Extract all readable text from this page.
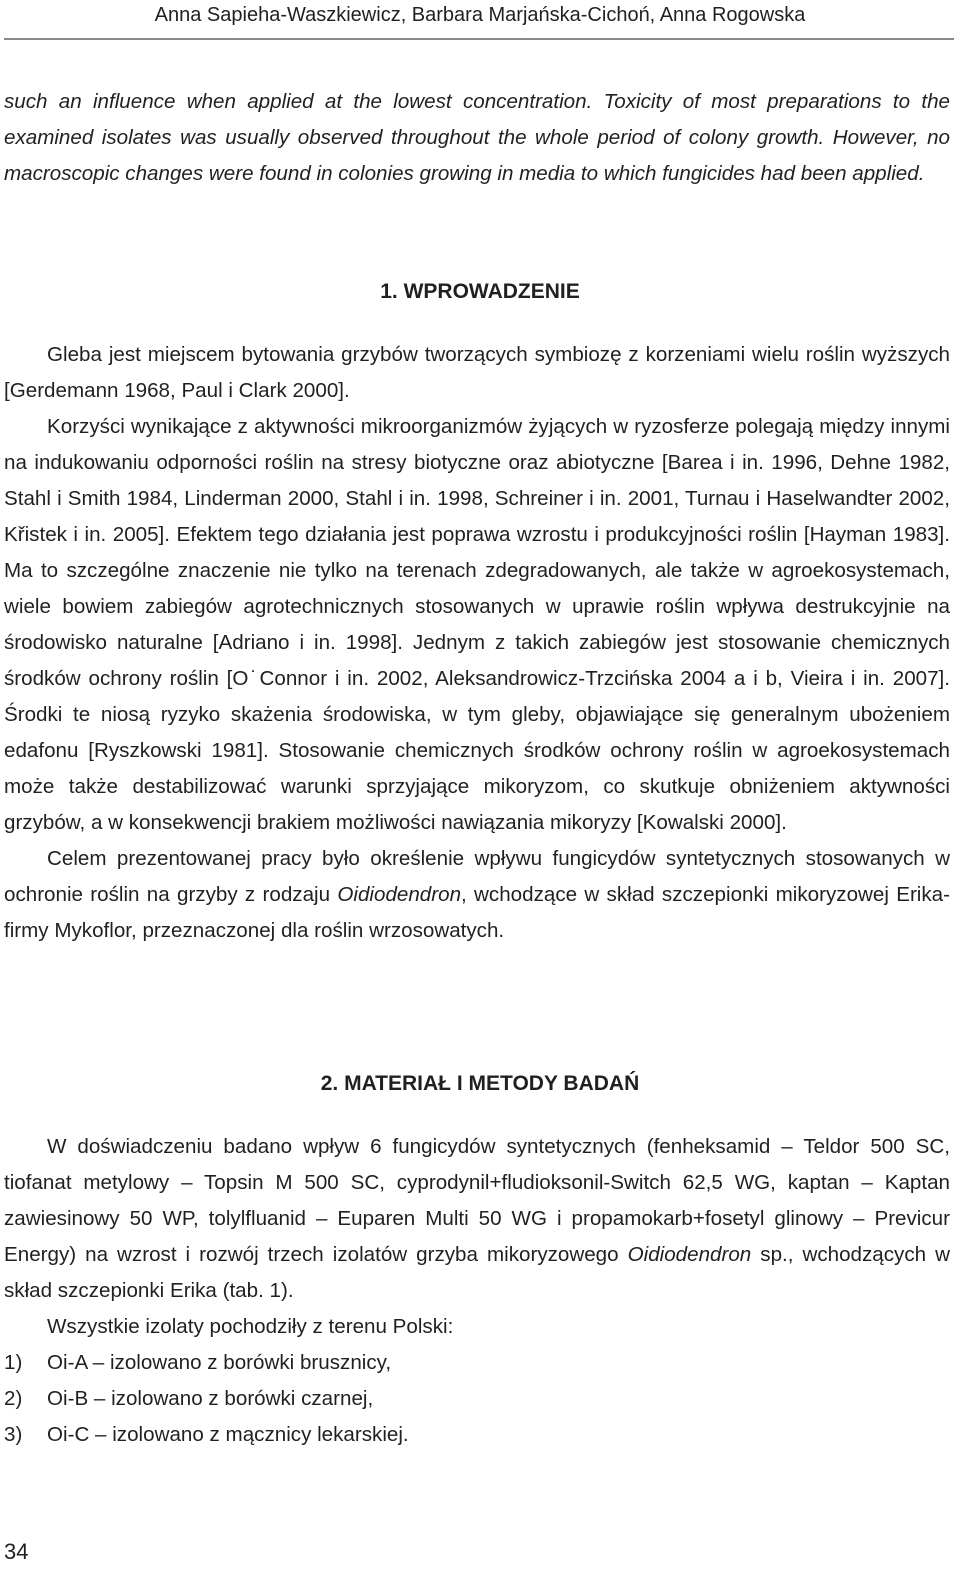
Anna Sapieha-Waszkiewicz, Barbara Marjańska-Cichoń, Anna Rogowska
such an influence when applied at the lowest concentration. Toxicity of most preparations to the examined isolates was usually observed throughout the whole period of colony growth. However, no macroscopic changes were found in colonies growing in media to which fungicides had been applied.
1. WPROWADZENIE

Gleba jest miejscem bytowania grzybów tworzących symbiozę z korzeniami wielu roślin wyższych [Gerdemann 1968, Paul i Clark 2000].

Korzyści wynikające z aktywności mikroorganizmów żyjących w ryzosferze polegają między innymi na indukowaniu odporności roślin na stresy biotyczne oraz abiotyczne [Barea i in. 1996, Dehne 1982, Stahl i Smith 1984, Linderman 2000, Stahl i in. 1998, Schreiner i in. 2001, Turnau i Haselwandter 2002, Křistek i in. 2005]. Efektem tego działania jest poprawa wzrostu i produkcyjności roślin [Hayman 1983]. Ma to szczególne znaczenie nie tylko na terenach zdegradowanych, ale także w agroekosystemach, wiele bowiem zabiegów agrotechnicznych stosowanych w uprawie roślin wpływa destrukcyjnie na środowisko naturalne [Adriano i in. 1998]. Jednym z takich zabiegów jest stosowanie chemicznych środków ochrony roślin [O˙Connor i in. 2002, Aleksandrowicz-Trzcińska 2004 a i b, Vieira i in. 2007]. Środki te niosą ryzyko skażenia środowiska, w tym gleby, objawiające się generalnym ubożeniem edafonu [Ryszkowski 1981]. Stosowanie chemicznych środków ochrony roślin w agroekosystemach może także destabilizować warunki sprzyjające mikoryzom, co skutkuje obniżeniem aktywności grzybów, a w konsekwencji brakiem możliwości nawiązania mikoryzy [Kowalski 2000].

Celem prezentowanej pracy było określenie wpływu fungicydów syntetycznych stosowanych w ochronie roślin na grzyby z rodzaju Oidiodendron, wchodzące w skład szczepionki mikoryzowej Erika-firmy Mykoflor, przeznaczonej dla roślin wrzosowatych.

2. MATERIAŁ I METODY BADAŃ

W doświadczeniu badano wpływ 6 fungicydów syntetycznych (fenheksamid – Teldor 500 SC, tiofanat metylowy – Topsin M 500 SC, cyprodynil+fludioksonil-Switch 62,5 WG, kaptan – Kaptan zawiesinowy 50 WP, tolylfluanid – Euparen Multi 50 WG i propamokarb+fosetyl glinowy – Previcur Energy) na wzrost i rozwój trzech izolatów grzyba mikoryzowego Oidiodendron sp., wchodzących w skład szczepionki Erika (tab. 1).

Wszystkie izolaty pochodziły z terenu Polski:

1) Oi-A – izolowano z borówki brusznicy,
2) Oi-B – izolowano z borówki czarnej,
3) Oi-C – izolowano z mącznicy lekarskiej.
34
